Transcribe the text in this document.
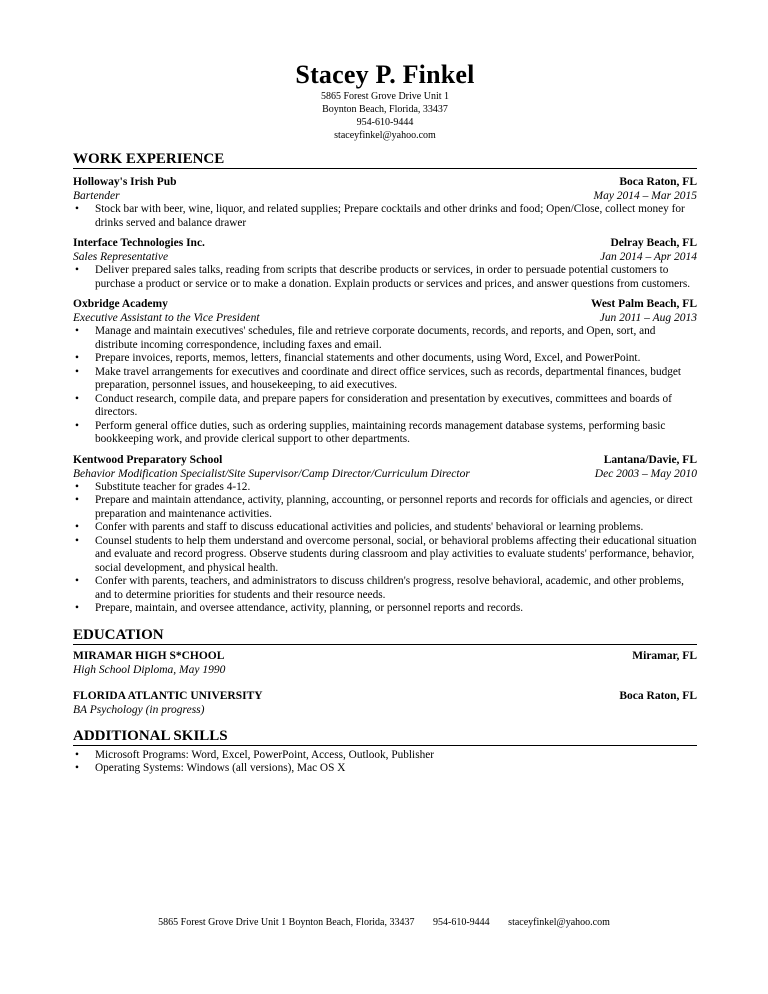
Stacey P. Finkel
5865 Forest Grove Drive Unit 1
Boynton Beach, Florida, 33437
954-610-9444
staceyfinkel@yahoo.com
WORK EXPERIENCE
Holloway's Irish Pub	Boca Raton, FL
Bartender	May 2014 – Mar 2015
• Stock bar with beer, wine, liquor, and related supplies; Prepare cocktails and other drinks and food; Open/Close, collect money for drinks served and balance drawer
Interface Technologies Inc.	Delray Beach, FL
Sales Representative	Jan 2014 – Apr 2014
• Deliver prepared sales talks, reading from scripts that describe products or services, in order to persuade potential customers to purchase a product or service or to make a donation. Explain products or services and prices, and answer questions from customers.
Oxbridge Academy	West Palm Beach, FL
Executive Assistant to the Vice President	Jun 2011 – Aug 2013
• Manage and maintain executives' schedules, file and retrieve corporate documents, records, and reports, and Open, sort, and distribute incoming correspondence, including faxes and email.
• Prepare invoices, reports, memos, letters, financial statements and other documents, using Word, Excel, and PowerPoint.
• Make travel arrangements for executives and coordinate and direct office services, such as records, departmental finances, budget preparation, personnel issues, and housekeeping, to aid executives.
• Conduct research, compile data, and prepare papers for consideration and presentation by executives, committees and boards of directors.
• Perform general office duties, such as ordering supplies, maintaining records management database systems, performing basic bookkeeping work, and provide clerical support to other departments.
Kentwood Preparatory School	Lantana/Davie, FL
Behavior Modification Specialist/Site Supervisor/Camp Director/Curriculum Director	Dec 2003 – May 2010
• Substitute teacher for grades 4-12.
• Prepare and maintain attendance, activity, planning, accounting, or personnel reports and records for officials and agencies, or direct preparation and maintenance activities.
• Confer with parents and staff to discuss educational activities and policies, and students' behavioral or learning problems.
• Counsel students to help them understand and overcome personal, social, or behavioral problems affecting their educational situation and evaluate and record progress. Observe students during classroom and play activities to evaluate students' performance, behavior, social development, and physical health.
• Confer with parents, teachers, and administrators to discuss children's progress, resolve behavioral, academic, and other problems, and to determine priorities for students and their resource needs.
• Prepare, maintain, and oversee attendance, activity, planning, or personnel reports and records.
EDUCATION
MIRAMAR HIGH S*CHOOL	Miramar, FL
High School Diploma, May 1990
FLORIDA ATLANTIC UNIVERSITY	Boca Raton, FL
BA Psychology (in progress)
ADDITIONAL SKILLS
• Microsoft Programs: Word, Excel, PowerPoint, Access, Outlook, Publisher
• Operating Systems: Windows (all versions), Mac OS X
5865 Forest Grove Drive Unit 1 Boynton Beach, Florida, 33437 954-610-9444 staceyfinkel@yahoo.com
